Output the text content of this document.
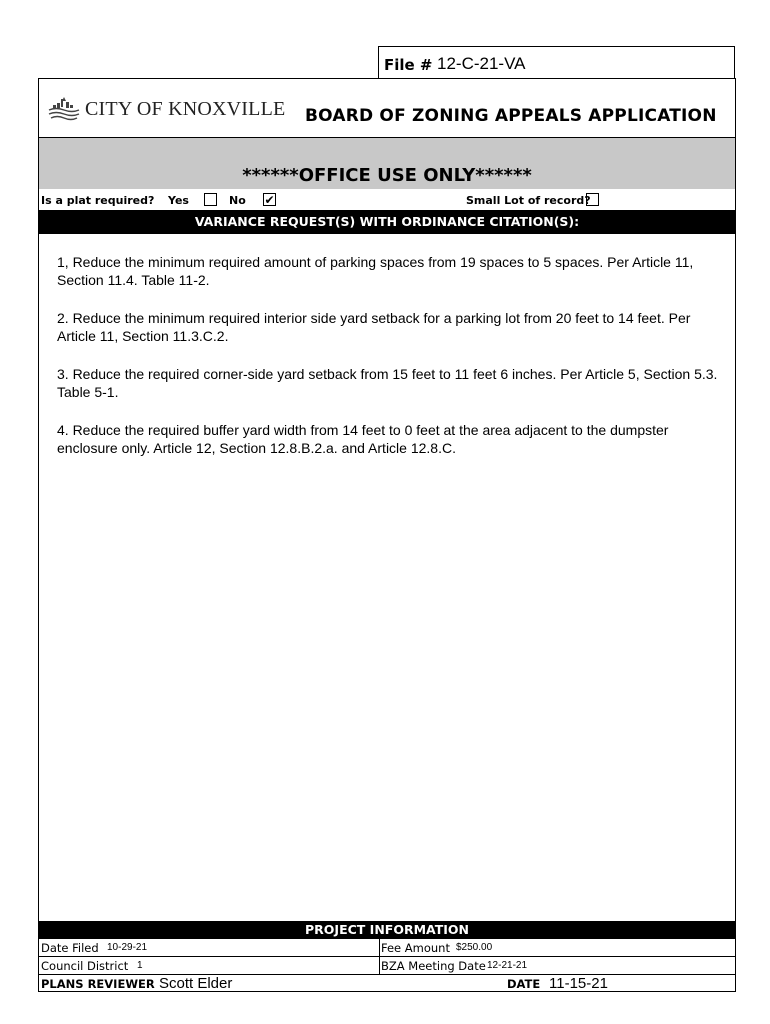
File # 12-C-21-VA
CITY OF KNOXVILLE BOARD OF ZONING APPEALS APPLICATION
******OFFICE USE ONLY******
Is a plat required? Yes	No ✔	Small Lot of record?
VARIANCE REQUEST(S) WITH ORDINANCE CITATION(S):

1, Reduce the minimum required amount of parking spaces from 19 spaces to 5 spaces. Per Article 11, Section 11.4. Table 11-2.

2. Reduce the minimum required interior side yard setback for a parking lot from 20 feet to 14 feet. Per Article 11, Section 11.3.C.2.

3. Reduce the required corner-side yard setback from 15 feet to 11 feet 6 inches. Per Article 5, Section 5.3. Table 5-1.

4. Reduce the required buffer yard width from 14 feet to 0 feet at the area adjacent to the dumpster enclosure only. Article 12, Section 12.8.B.2.a. and Article 12.8.C.

PROJECT INFORMATION
Date Filed 10-29-21	Fee Amount $250.00
Council District 1	BZA Meeting Date 12-21-21
PLANS REVIEWER Scott Elder	DATE 11-15-21
